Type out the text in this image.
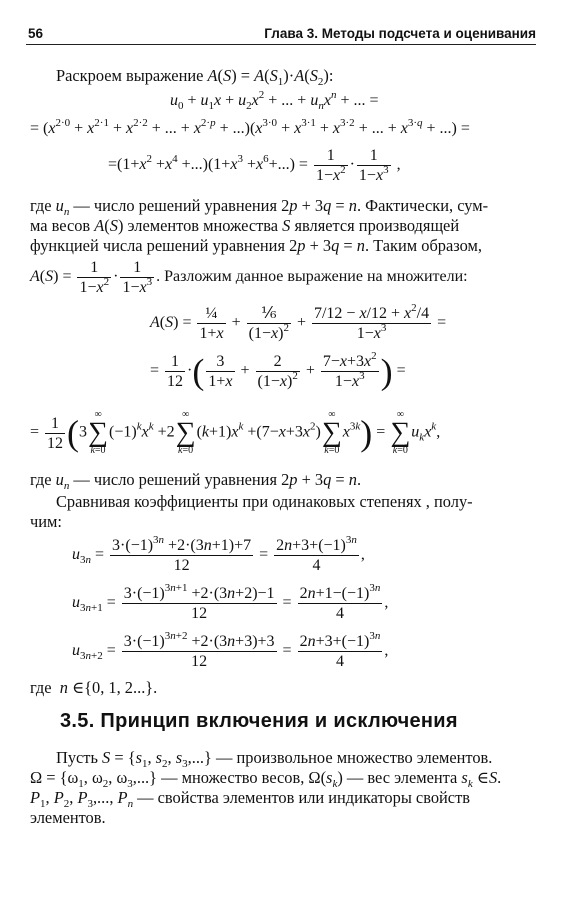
56	Глава 3. Методы подсчета и оценивания
Раскроем выражение $A(S) = A(S_1)\cdot A(S_2)$:
$u_0 + u_1x + u_2x^2$ + ... + $u_nx^n$ + ... =
= ($x^{2\cdot 0} + x^{2\cdot 1} + x^{2\cdot 2}$ + ... + $x^{2\cdot p} + ...)(x^{3\cdot 0} + x^{3\cdot 1} + x^{3\cdot 2}$ + ... + $x^{3\cdot q}$ + ...) =
$=(1+x^2 +x^4 +...)(1+x^3 +x^6+...) = \frac{1}{1-x^2} \cdot \frac{1}{1-x^3}$ ,
где $u_n$ — число решений уравнения 2p + 3q = n. Фактически, сум-
ма весов A(S) элементов множества S является производящей
функцией числа решений уравнения 2p + 3q = n. Таким образом,
$A(S) = \frac{1}{1-x^2} \cdot \frac{1}{1-x^3}$ . Разложим данное выражение на множители:
$A(S) = \frac{\text{¼}}{1+x} + \frac{\text{⅙}}{(1-x)^2} + \frac{7/12 - x/12 + x^2/4}{1-x^3}$ =
= $\frac{1}{12}$ ·( $\frac{3}{1+x} + \frac{2}{(1-x)^2} + \frac{7-x+3x^2}{1-x^3}$ ) =
= $\frac{1}{12} (3$
∞
∑
k=0
$(-1)^kx^k +2$
∞
∑
k=0
$(k+1)x^k +(7-x+3x^2)$
∞
∑
k=0
$x^{3k}$) =
∞
∑
k=0
$u_kx^k$,
где $u_n$ — число решений уравнения 2p + 3q = n.
Сравнивая коэффициенты при одинаковых степенях , полу-
чим:
$u_{3n} = \frac{3\cdot(-1)^{3n} +2\cdot(3n+1)+7}{12} = \frac{2n+3+(-1)^{3n}}{4}$ ,
$u_{3n+1} = \frac{3\cdot(-1)^{3n+1} +2\cdot(3n+2)-1}{12} = \frac{2n+1-(-1)^{3n}}{4}$ ,
$u_{3n+2} = \frac{3\cdot(-1)^{3n+2} +2\cdot(3n+3)+3}{12} = \frac{2n+3+(-1)^{3n}}{4}$ ,
где  n ∈{0, 1, 2...}.
3.5. Принцип включения и исключения
Пусть $S = \{s_1$, $s_2$, $s_3$,...} — произвольное множество элементов.
$\Omega = \{\omega_1$, $\omega_2$, $\omega_3$,...} — множество весов, $\Omega(s_k)$ — вес элемента $s_k$ ∈S.
$P_1$, $P_2$, $P_3$,..., $P_n$ — свойства элементов или индикаторы свойств
элементов.
